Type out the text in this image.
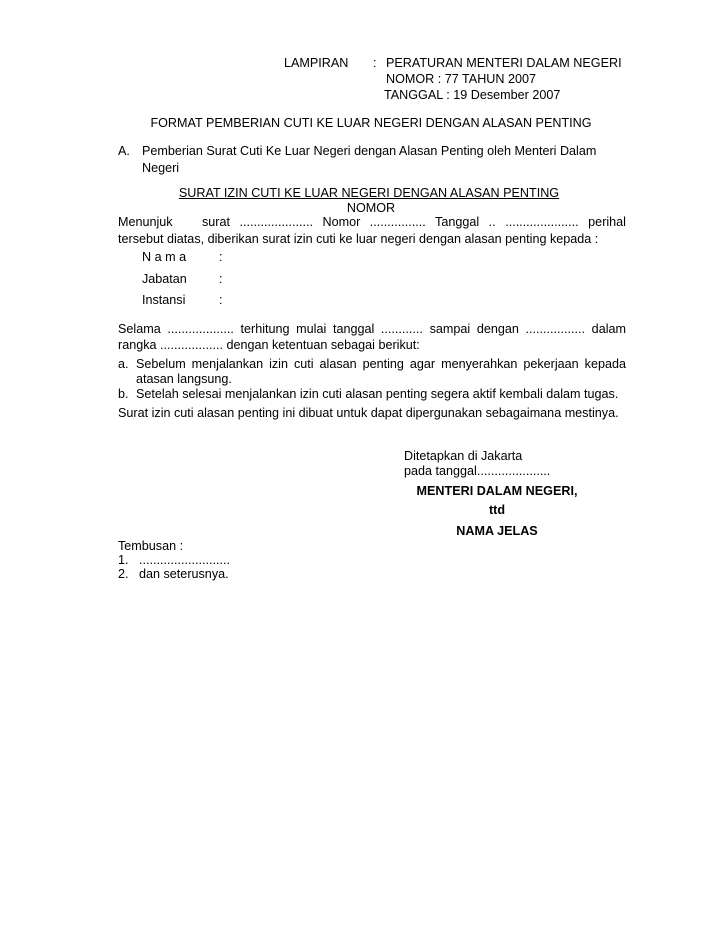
LAMPIRAN : PERATURAN MENTERI DALAM NEGERI
NOMOR : 77 TAHUN 2007
TANGGAL : 19 Desember 2007
FORMAT PEMBERIAN CUTI KE LUAR NEGERI DENGAN ALASAN PENTING
A. Pemberian Surat Cuti Ke Luar Negeri dengan Alasan Penting oleh Menteri Dalam
Negeri
SURAT IZIN CUTI KE LUAR NEGERI DENGAN ALASAN PENTING
NOMOR
Menunjuk surat ..................... Nomor ................ Tanggal .. ..................... perihal
tersebut diatas, diberikan surat izin cuti ke luar negeri dengan alasan penting kepada :
N a m a	:
Jabatan	:
Instansi	:
Selama ................... terhitung mulai tanggal ............ sampai dengan ................. dalam
rangka .................. dengan ketentuan sebagai berikut:
a. Sebelum menjalankan izin cuti alasan penting agar menyerahkan pekerjaan kepada
atasan langsung.
b. Setelah selesai menjalankan izin cuti alasan penting segera aktif kembali dalam tugas.
Surat izin cuti alasan penting ini dibuat untuk dapat dipergunakan sebagaimana mestinya.
Ditetapkan di Jakarta
pada tanggal.....................
MENTERI DALAM NEGERI,
ttd
NAMA JELAS
Tembusan :
1. ..........................
2. dan seterusnya.
